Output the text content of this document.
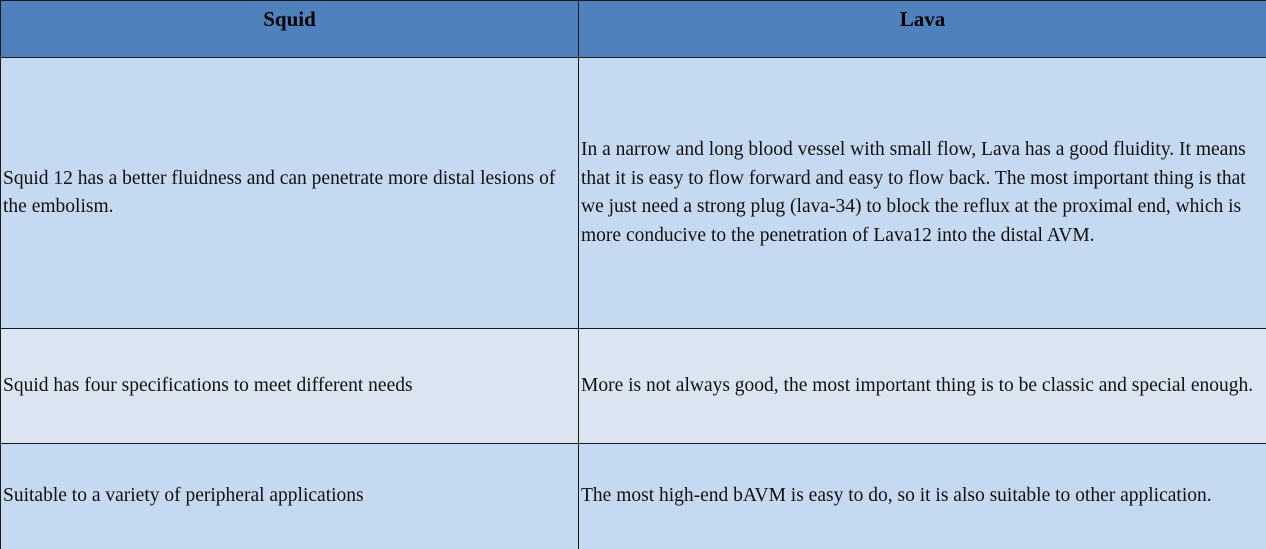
Squid	Lava
Squid 12 has a better fluidness and can penetrate more distal lesions of the embolism.	In a narrow and long blood vessel with small flow, Lava has a good fluidity. It means that it is easy to flow forward and easy to flow back. The most important thing is that we just need a strong plug (lava-34) to block the reflux at the proximal end, which is more conducive to the penetration of Lava12 into the distal AVM.
Squid has four specifications to meet different needs	More is not always good, the most important thing is to be classic and special enough.
Suitable to a variety of peripheral applications	The most high-end bAVM is easy to do, so it is also suitable to other application.
